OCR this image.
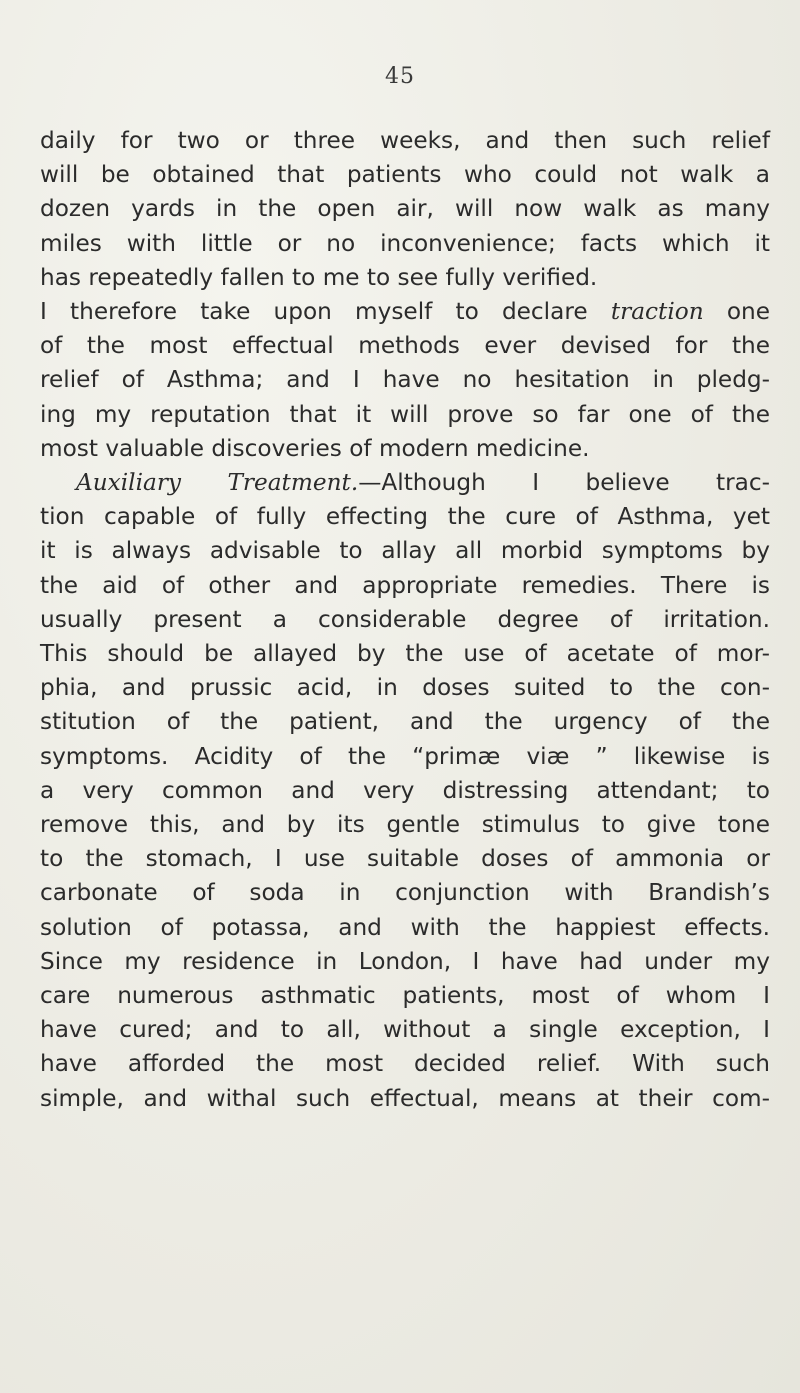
45
daily for two or three weeks, and then such relief
will be obtained that patients who could not walk a
dozen yards in the open air, will now walk as many
miles with little or no inconvenience; facts which it
has repeatedly fallen to me to see fully verified.
I therefore take upon myself to declare traction one
of the most effectual methods ever devised for the
relief of Asthma; and I have no hesitation in pledg-
ing my reputation that it will prove so far one of the
most valuable discoveries of modern medicine.
Auxiliary Treatment.—Although I believe trac-
tion capable of fully effecting the cure of Asthma, yet
it is always advisable to allay all morbid symptoms by
the aid of other and appropriate remedies. There is
usually present a considerable degree of irritation.
This should be allayed by the use of acetate of mor-
phia, and prussic acid, in doses suited to the con-
stitution of the patient, and the urgency of the
symptoms. Acidity of the “primæ viæ ” likewise is
a very common and very distressing attendant; to
remove this, and by its gentle stimulus to give tone
to the stomach, I use suitable doses of ammonia or
carbonate of soda in conjunction with Brandish’s
solution of potassa, and with the happiest effects.
Since my residence in London, I have had under my
care numerous asthmatic patients, most of whom I
have cured; and to all, without a single exception, I
have afforded the most decided relief. With such
simple, and withal such effectual, means at their com-
